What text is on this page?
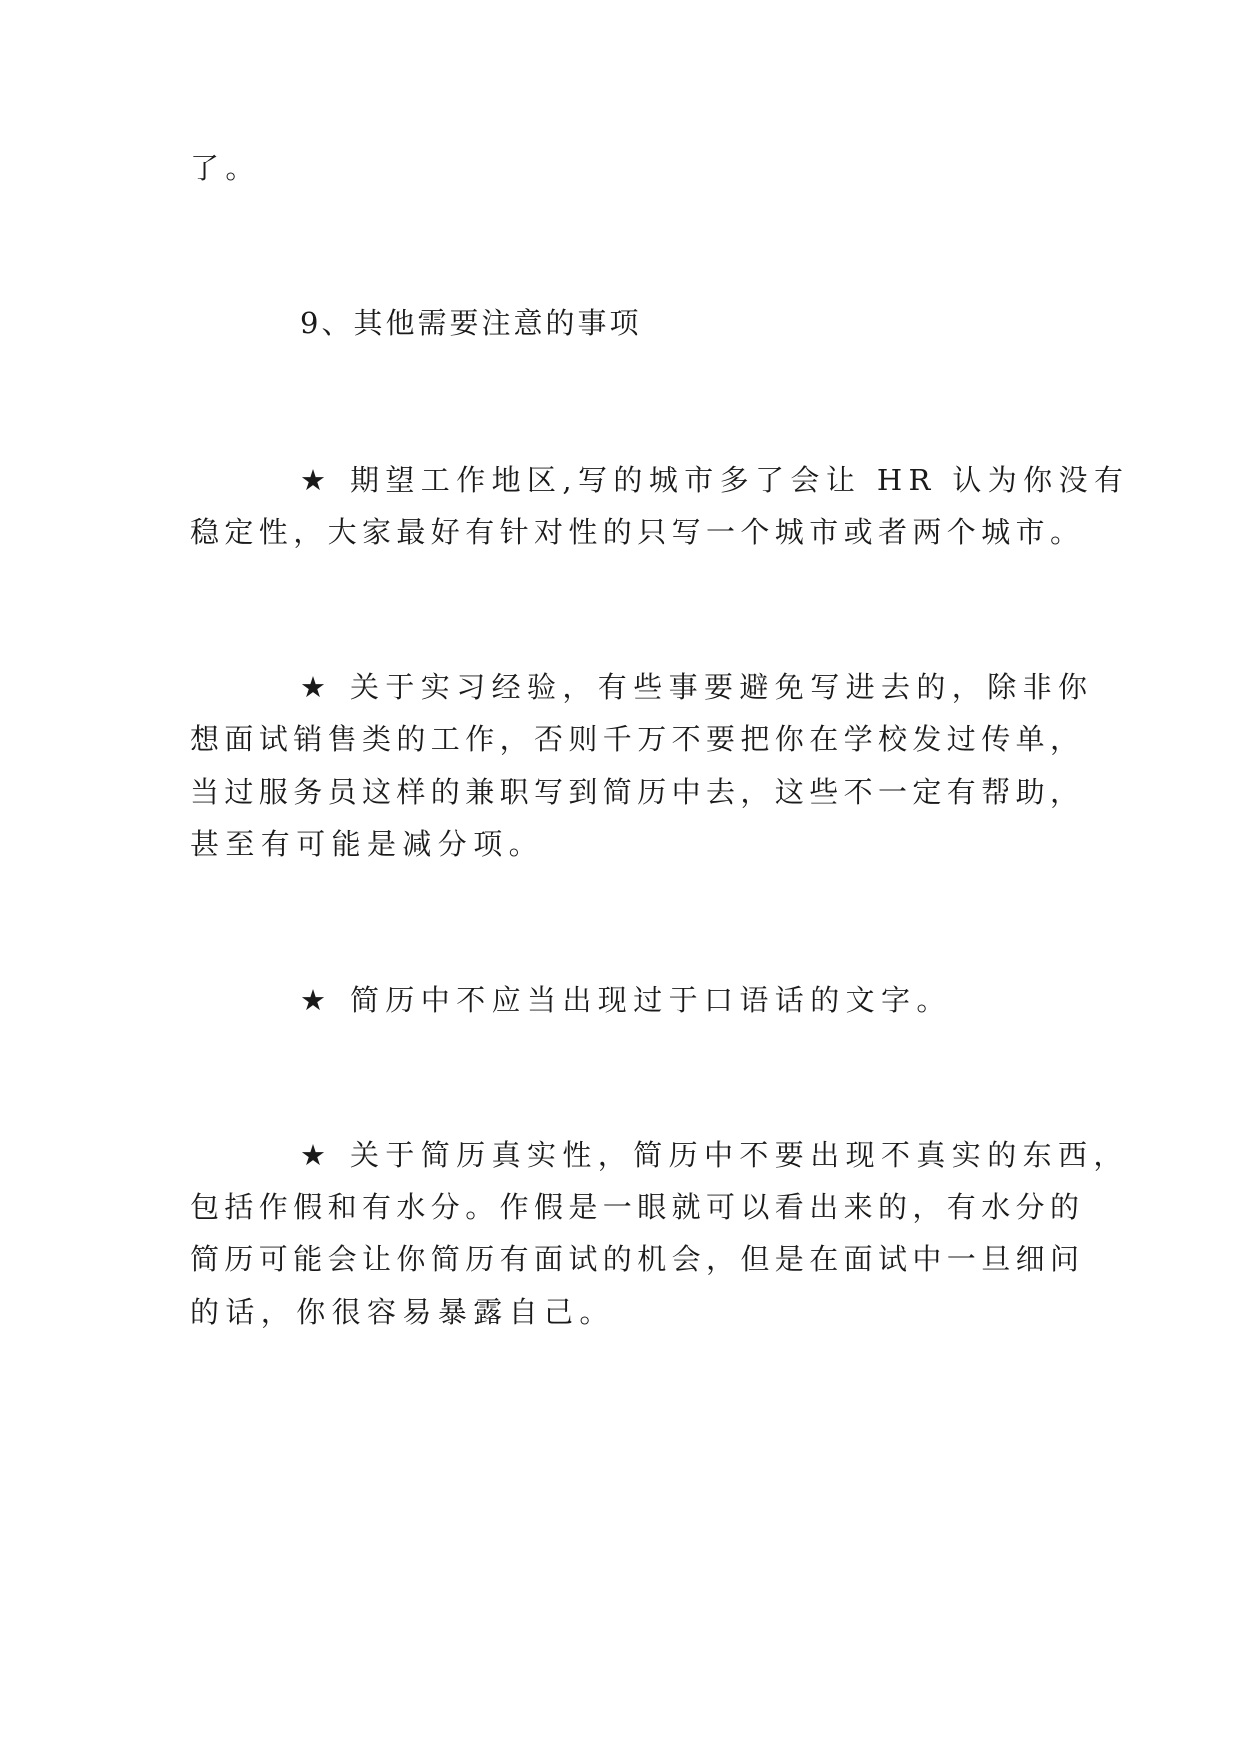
了。
9、其他需要注意的事项
★ 期望工作地区,写的城市多了会让 HR 认为你没有
稳定性，大家最好有针对性的只写一个城市或者两个城市。
★ 关于实习经验，有些事要避免写进去的，除非你
想面试销售类的工作，否则千万不要把你在学校发过传单，
当过服务员这样的兼职写到简历中去，这些不一定有帮助，
甚至有可能是减分项。
★ 简历中不应当出现过于口语话的文字。
★ 关于简历真实性，简历中不要出现不真实的东西，
包括作假和有水分。作假是一眼就可以看出来的，有水分的
简历可能会让你简历有面试的机会，但是在面试中一旦细问
的话，你很容易暴露自己。
